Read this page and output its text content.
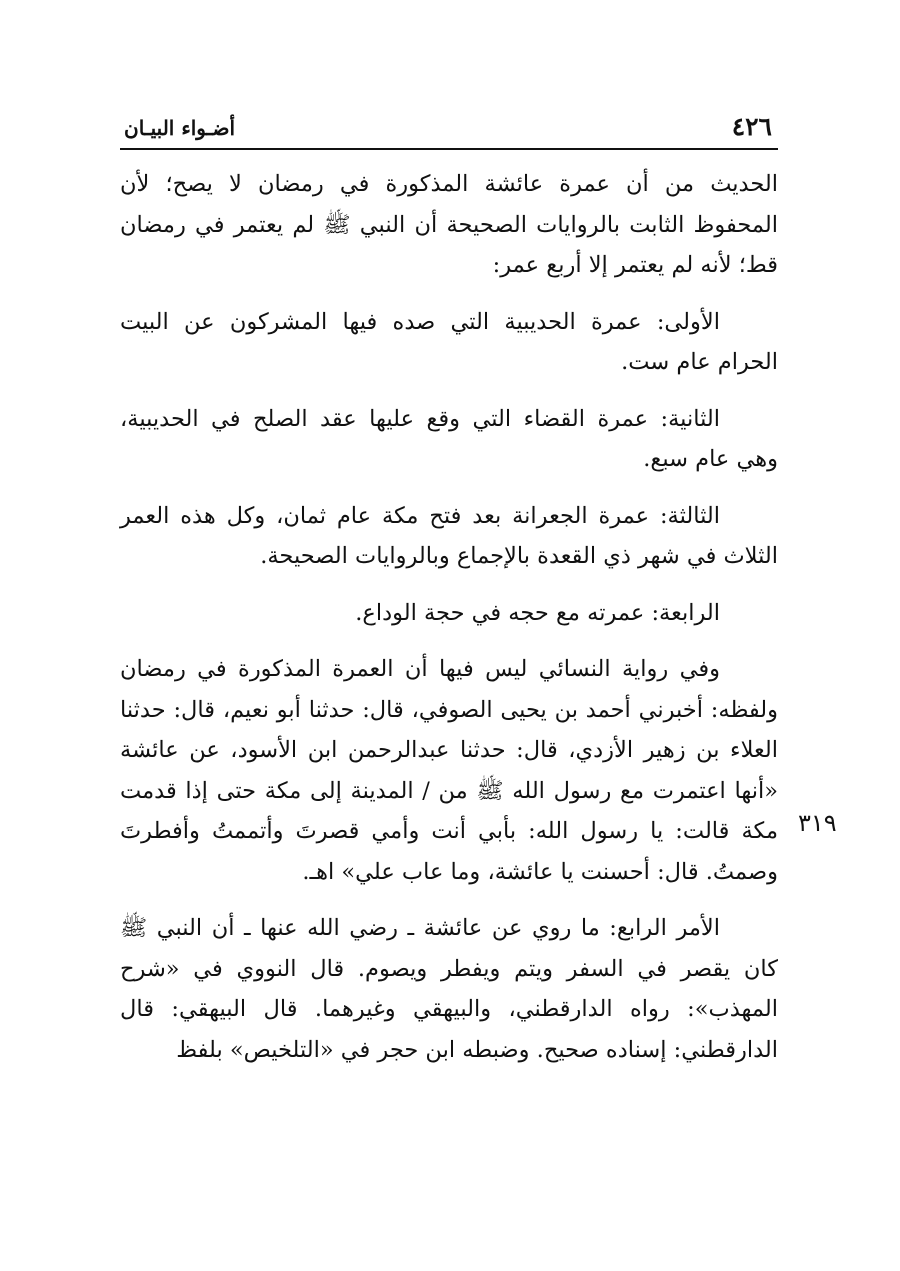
٤٢٦
أضـواء البيـان
٣١٩

الحديث من أن عمرة عائشة المذكورة في رمضان لا يصح؛ لأن المحفوظ الثابت بالروايات الصحيحة أن النبي ﷺ لم يعتمر في رمضان قط؛ لأنه لم يعتمر إلا أربع عمر:

الأولى: عمرة الحديبية التي صده فيها المشركون عن البيت الحرام عام ست.

الثانية: عمرة القضاء التي وقع عليها عقد الصلح في الحديبية، وهي عام سبع.

الثالثة: عمرة الجعرانة بعد فتح مكة عام ثمان، وكل هذه العمر الثلاث في شهر ذي القعدة بالإجماع وبالروايات الصحيحة.

الرابعة: عمرته مع حجه في حجة الوداع.

وفي رواية النسائي ليس فيها أن العمرة المذكورة في رمضان ولفظه: أخبرني أحمد بن يحيى الصوفي، قال: حدثنا أبو نعيم، قال: حدثنا العلاء بن زهير الأزدي، قال: حدثنا عبدالرحمن ابن الأسود، عن عائشة «أنها اعتمرت مع رسول الله ﷺ من / المدينة إلى مكة حتى إذا قدمت مكة قالت: يا رسول الله: بأبي أنت وأمي قصرتَ وأتممتُ وأفطرتَ وصمتُ. قال: أحسنت يا عائشة، وما عاب علي» اهـ.

الأمر الرابع: ما روي عن عائشة ـ رضي الله عنها ـ أن النبي ﷺ كان يقصر في السفر ويتم ويفطر ويصوم. قال النووي في «شرح المهذب»: رواه الدارقطني، والبيهقي وغيرهما. قال البيهقي: قال الدارقطني: إسناده صحيح. وضبطه ابن حجر في «التلخيص» بلفظ
